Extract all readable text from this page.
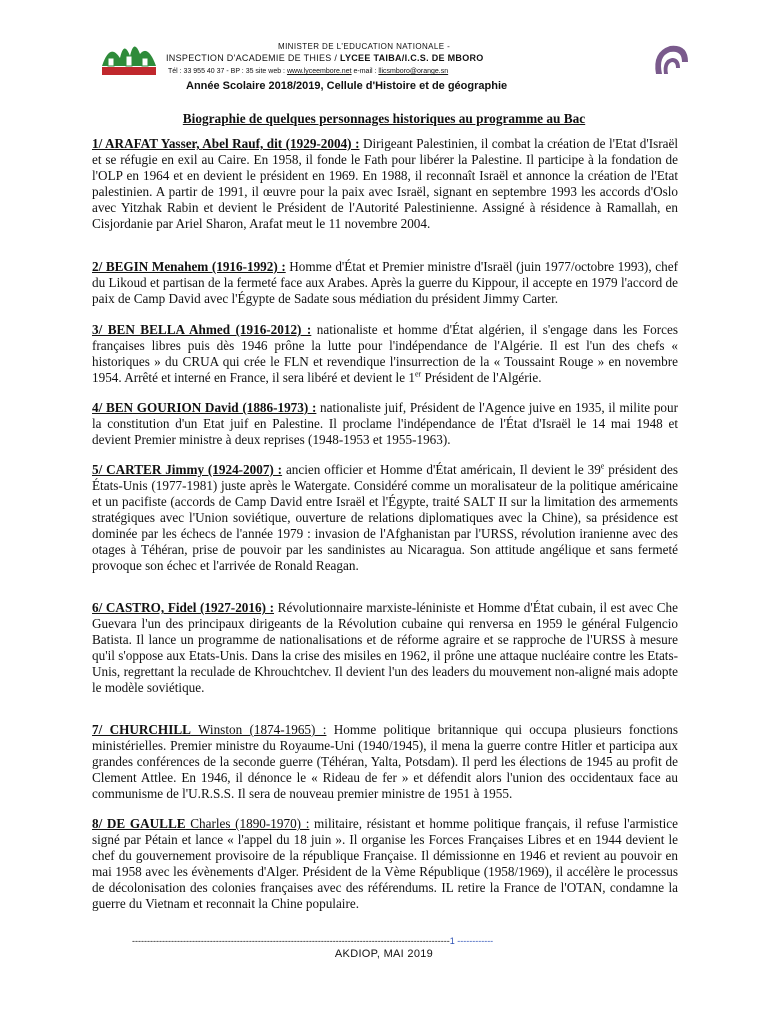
MINISTER DE L'EDUCATION NATIONALE -
INSPECTION D'ACADEMIE DE THIES / LYCEE TAIBA/I.C.S. DE MBORO
Tél : 33 955 40 37 - BP : 35 site web : www.lyceembore.net e-mail : llicsmboro@orange.sn
Année Scolaire 2018/2019, Cellule d'Histoire et de géographie
Biographie de quelques personnages historiques au programme au Bac

1/ ARAFAT Yasser, Abel Rauf, dit (1929-2004) : Dirigeant Palestinien, il combat la création de l'Etat d'Israël et se réfugie en exil au Caire. En 1958, il fonde le Fath pour libérer la Palestine. Il participe à la fondation de l'OLP en 1964 et en devient le président en 1969. En 1988, il reconnaît Israël et annonce la création de l'Etat palestinien. A partir de 1991, il œuvre pour la paix avec Israël, signant en septembre 1993 les accords d'Oslo avec Yitzhak Rabin et devient le Président de l'Autorité Palestinienne. Assigné à résidence à Ramallah, en Cisjordanie par Ariel Sharon, Arafat meut le 11 novembre 2004.

2/ BEGIN Menahem (1916-1992) : Homme d'État et Premier ministre d'Israël (juin 1977/octobre 1993), chef du Likoud et partisan de la fermeté face aux Arabes. Après la guerre du Kippour, il accepte en 1979 l'accord de paix de Camp David avec l'Égypte de Sadate sous médiation du président Jimmy Carter.

3/ BEN BELLA Ahmed (1916-2012) : nationaliste et homme d'État algérien, il s'engage dans les Forces françaises libres puis dès 1946 prône la lutte pour l'indépendance de l'Algérie. Il est l'un des chefs « historiques » du CRUA qui crée le FLN et revendique l'insurrection de la « Toussaint Rouge » en novembre 1954. Arrêté et interné en France, il sera libéré et devient le 1er Président de l'Algérie.

4/ BEN GOURION David (1886-1973) : nationaliste juif, Président de l'Agence juive en 1935, il milite pour la constitution d'un Etat juif en Palestine. Il proclame l'indépendance de l'État d'Israël le 14 mai 1948 et devient Premier ministre à deux reprises (1948-1953 et 1955-1963).

5/ CARTER Jimmy (1924-2007) : ancien officier et Homme d'État américain, Il devient le 39e président des États-Unis (1977-1981) juste après le Watergate. Considéré comme un moralisateur de la politique américaine et un pacifiste (accords de Camp David entre Israël et l'Égypte, traité SALT II sur la limitation des armements stratégiques avec l'Union soviétique, ouverture de relations diplomatiques avec la Chine), sa présidence est dominée par les échecs de l'année 1979 : invasion de l'Afghanistan par l'URSS, révolution iranienne avec des otages à Téhéran, prise de pouvoir par les sandinistes au Nicaragua. Son attitude angélique et sans fermeté provoque son échec et l'arrivée de Ronald Reagan.

6/ CASTRO, Fidel (1927-2016) : Révolutionnaire marxiste-léniniste et Homme d'État cubain, il est avec Che Guevara l'un des principaux dirigeants de la Révolution cubaine qui renversa en 1959 le général Fulgencio Batista. Il lance un programme de nationalisations et de réforme agraire et se rapproche de l'URSS à mesure qu'il s'oppose aux Etats-Unis. Dans la crise des misiles en 1962, il prône une attaque nucléaire contre les Etats-Unis, regrettant la reculade de Khrouchtchev. Il devient l'un des leaders du mouvement non-aligné mais adopte le modèle soviétique.

7/ CHURCHILL Winston (1874-1965) : Homme politique britannique qui occupa plusieurs fonctions ministérielles. Premier ministre du Royaume-Uni (1940/1945), il mena la guerre contre Hitler et participa aux grandes conférences de la seconde guerre (Téhéran, Yalta, Potsdam). Il perd les élections de 1945 au profit de Clement Attlee. En 1946, il dénonce le « Rideau de fer » et défendit alors l'union des occidentaux face au communisme de l'U.R.S.S. Il sera de nouveau premier ministre de 1951 à 1955.

8/ DE GAULLE Charles (1890-1970) : militaire, résistant et homme politique français, il refuse l'armistice signé par Pétain et lance « l'appel du 18 juin ». Il organise les Forces Françaises Libres et en 1944 devient le chef du gouvernement provisoire de la république Française. Il démissionne en 1946 et revient au pouvoir en mai 1958 avec les évènements d'Alger. Président de la Vème République (1958/1969), il accélère le processus de décolonisation des colonies françaises avec des référendums. IL retire la France de l'OTAN, condamne la guerre du Vietnam et reconnait la Chine populaire.

----------------------------------------------------------------------------------------------------------1 ------------
AKDIOP, MAI 2019
